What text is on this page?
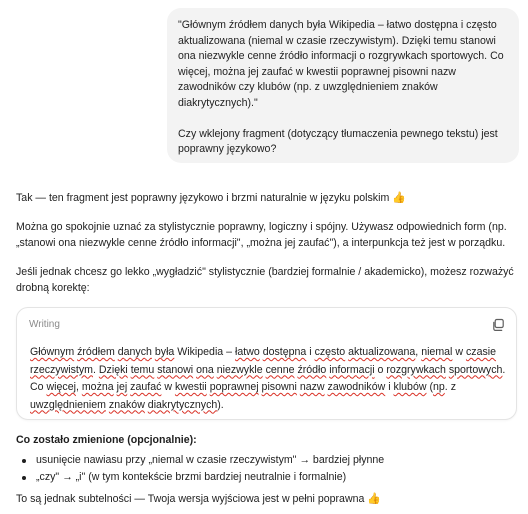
"Głównym źródłem danych była Wikipedia – łatwo dostępna i często aktualizowana (niemal w czasie rzeczywistym). Dzięki temu stanowi ona niezwykle cenne źródło informacji o rozgrywkach sportowych. Co więcej, można jej zaufać w kwestii poprawnej pisowni nazw zawodników czy klubów (np. z uwzględnieniem znaków diakrytycznych)."

Czy wklejony fragment (dotyczący tłumaczenia pewnego tekstu) jest poprawny językowo?

Tak — ten fragment jest poprawny językowo i brzmi naturalnie w języku polskim 👍

Można go spokojnie uznać za stylistycznie poprawny, logiczny i spójny. Używasz odpowiednich form (np. „stanowi ona niezwykle cenne źródło informacji", „można jej zaufać"), a interpunkcja też jest w porządku.

Jeśli jednak chcesz go lekko „wygładzić" stylistycznie (bardziej formalnie / akademicko), możesz rozważyć drobną korektę:

Writing

Głównym źródłem danych była Wikipedia – łatwo dostępna i często aktualizowana, niemal w czasie rzeczywistym. Dzięki temu stanowi ona niezwykle cenne źródło informacji o rozgrywkach sportowych. Co więcej, można jej zaufać w kwestii poprawnej pisowni nazw zawodników i klubów (np. z uwzględnieniem znaków diakrytycznych).

Co zostało zmienione (opcjonalnie):

usunięcie nawiasu przy „niemal w czasie rzeczywistym" → bardziej płynne
„czy" → „i" (w tym kontekście brzmi bardziej neutralnie i formalnie)

To są jednak subtelności — Twoja wersja wyjściowa jest w pełni poprawna 👍
